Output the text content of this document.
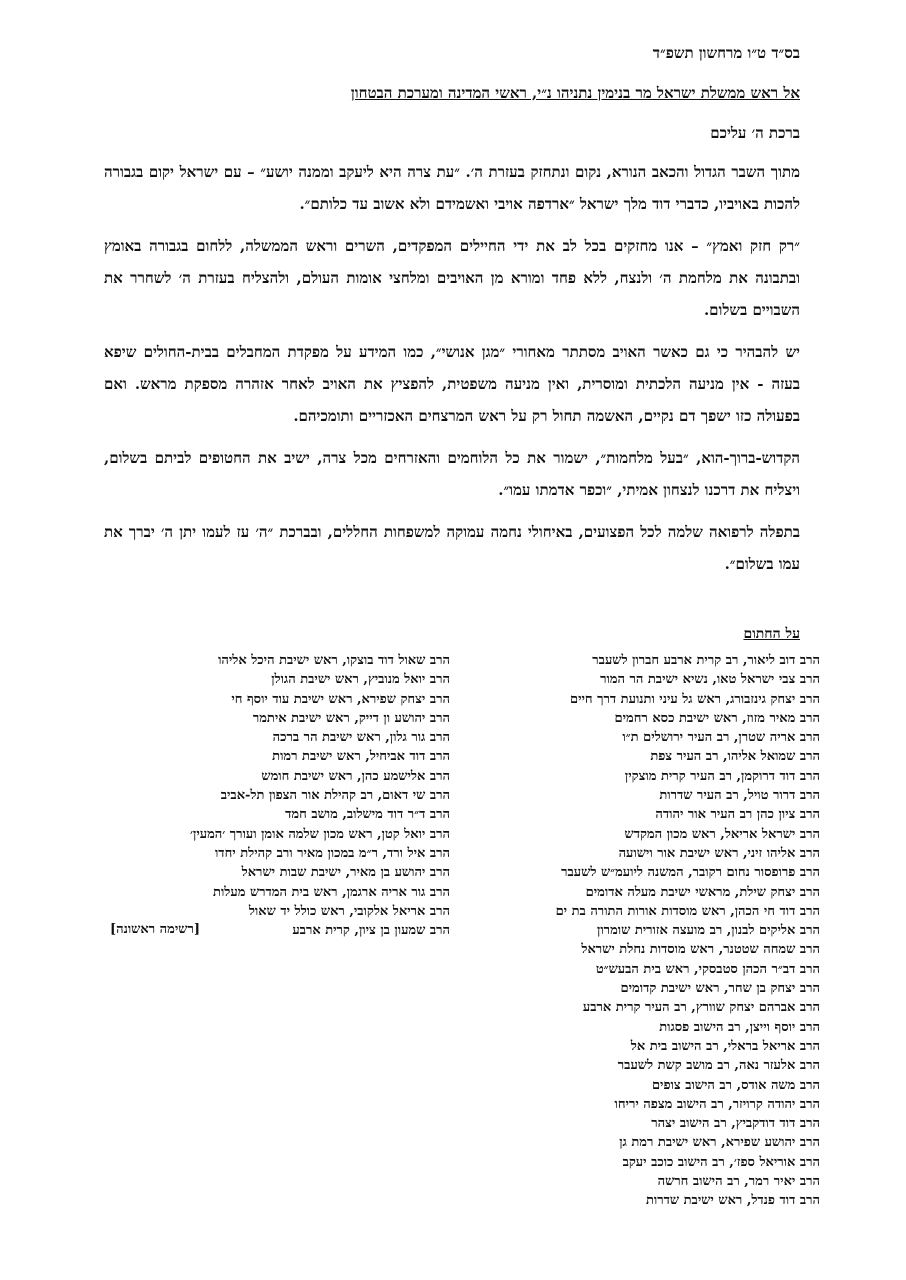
בס״ד ט״ו מרחשון תשפ״ד
אל ראש ממשלת ישראל מר בנימין נתניהו נ״י, ראשי המדינה ומערכת הבטחון
ברכת ה׳ עליכם

מתוך השבר הגדול והכאב הנורא, נקום ונתחזק בעזרת ה׳. ״עת צרה היא ליעקב וממנה יושע״ – עם ישראל יקום בגבורה להכות באויביו, כדברי דוד מלך ישראל ״ארדפה אויבי ואשמידם ולא אשוב עד כלותם״.

״רק חזק ואמץ״ – אנו מחזקים בכל לב את ידי החיילים המפקדים, השרים וראש הממשלה, ללחום בגבורה באומץ ובתבונה את מלחמת ה׳ ולנצח, ללא פחד ומורא מן האויבים ומלחצי אומות העולם, ולהצליח בעזרת ה׳ לשחרר את השבויים בשלום.

יש להבהיר כי גם כאשר האויב מסתתר מאחורי ״מגן אנושי״, כמו המידע על מפקדת המחבלים בבית-החולים שיפא בעזה - אין מניעה הלכתית ומוסרית, ואין מניעה משפטית, להפציץ את האויב לאחר אזהרה מספקת מראש. ואם בפעולה כזו ישפך דם נקיים, האשמה תחול רק על ראש המרצחים האכזריים ותומכיהם.

הקדוש-ברוך-הוא, ״בעל מלחמות״, ישמור את כל הלוחמים והאזרחים מכל צרה, ישיב את החטופים לביתם בשלום, ויצליח את דרכנו לנצחון אמיתי, ״וכפר אדמתו עמו״.

בתפלה לרפואה שלמה לכל הפצועים, באיחולי נחמה עמוקה למשפחות החללים, ובברכת ״ה׳ עז לעמו יתן ה׳ יברך את עמו בשלום״.

על החתום
הרב דוב ליאור, רב קרית ארבע חברון לשעבר
הרב צבי ישראל טאו, נשיא ישיבת הר המור
הרב יצחק גינזבורג, ראש גל עיני ותנועת דרך חיים
הרב מאיר מזוז, ראש ישיבת כסא רחמים
הרב אריה שטרן, רב העיר ירושלים ת״ו
הרב שמואל אליהו, רב העיר צפת
הרב דוד דרוקמן, רב העיר קרית מוצקין
הרב דרור טויל, רב העיר שדרות
הרב ציון כהן רב העיר אור יהודה
הרב ישראל אריאל, ראש מכון המקדש
הרב אליהו זיני, ראש ישיבת אור וישועה
הרב פרופסור נחום רקובר, המשנה ליועמ״ש לשעבר
הרב יצחק שילת, מראשי ישיבת מעלה אדומים
הרב דוד חי הכהן, ראש מוסדות אורות התורה בת ים
הרב אליקים לבנון, רב מועצה אזורית שומרון
הרב שמחה שטטנר, ראש מוסדות נחלת ישראל
הרב דב״ר הכהן סטבסקי, ראש בית הבעש״ט
הרב יצחק בן שחר, ראש ישיבת קדומים
הרב אברהם יצחק שוורץ, רב העיר קרית ארבע
הרב יוסף וייצן, רב הישוב פסגות
הרב אריאל בראלי, רב הישוב בית אל
הרב אלעזר נאה, רב מושב קשת לשעבר
הרב משה אודס, רב הישוב צופים
הרב יהודה קרויזר, רב הישוב מצפה יריחו
הרב דוד דודקביץ, רב הישוב יצהר
הרב יהושע שפירא, ראש ישיבת רמת גן
הרב אוריאל ספז׳, רב הישוב כוכב יעקב
הרב יאיר רמר, רב הישוב חרשה
הרב דוד פנדל, ראש ישיבת שדרות
הרב שאול דוד בוצקו, ראש ישיבת היכל אליהו
הרב יואל מנוביץ, ראש ישיבת הגולן
הרב יצחק שפירא, ראש ישיבת עוד יוסף חי
הרב יהושע ון דייק, ראש ישיבת איתמר
הרב גור גלון, ראש ישיבת הר ברכה
הרב דוד אביחיל, ראש ישיבת רמות
הרב אלישמע כהן, ראש ישיבת חומש
הרב שי דאום, רב קהילת אור הצפון תל-אביב
הרב ד״ר דוד מישלוב, מושב חמד
הרב יואל קטן, ראש מכון שלמה אומן ועורך ׳המעין׳
הרב איל ורד, ר״מ במכון מאיר ורב קהילת יחדו
הרב יהושע בן מאיר, ישיבת שבות ישראל
הרב גור אריה ארגמן, ראש בית המדרש מעלות
הרב אריאל אלקובי, ראש כולל יד שאול
הרב שמעון בן ציון, קרית ארבע
[רשימה ראשונה]
